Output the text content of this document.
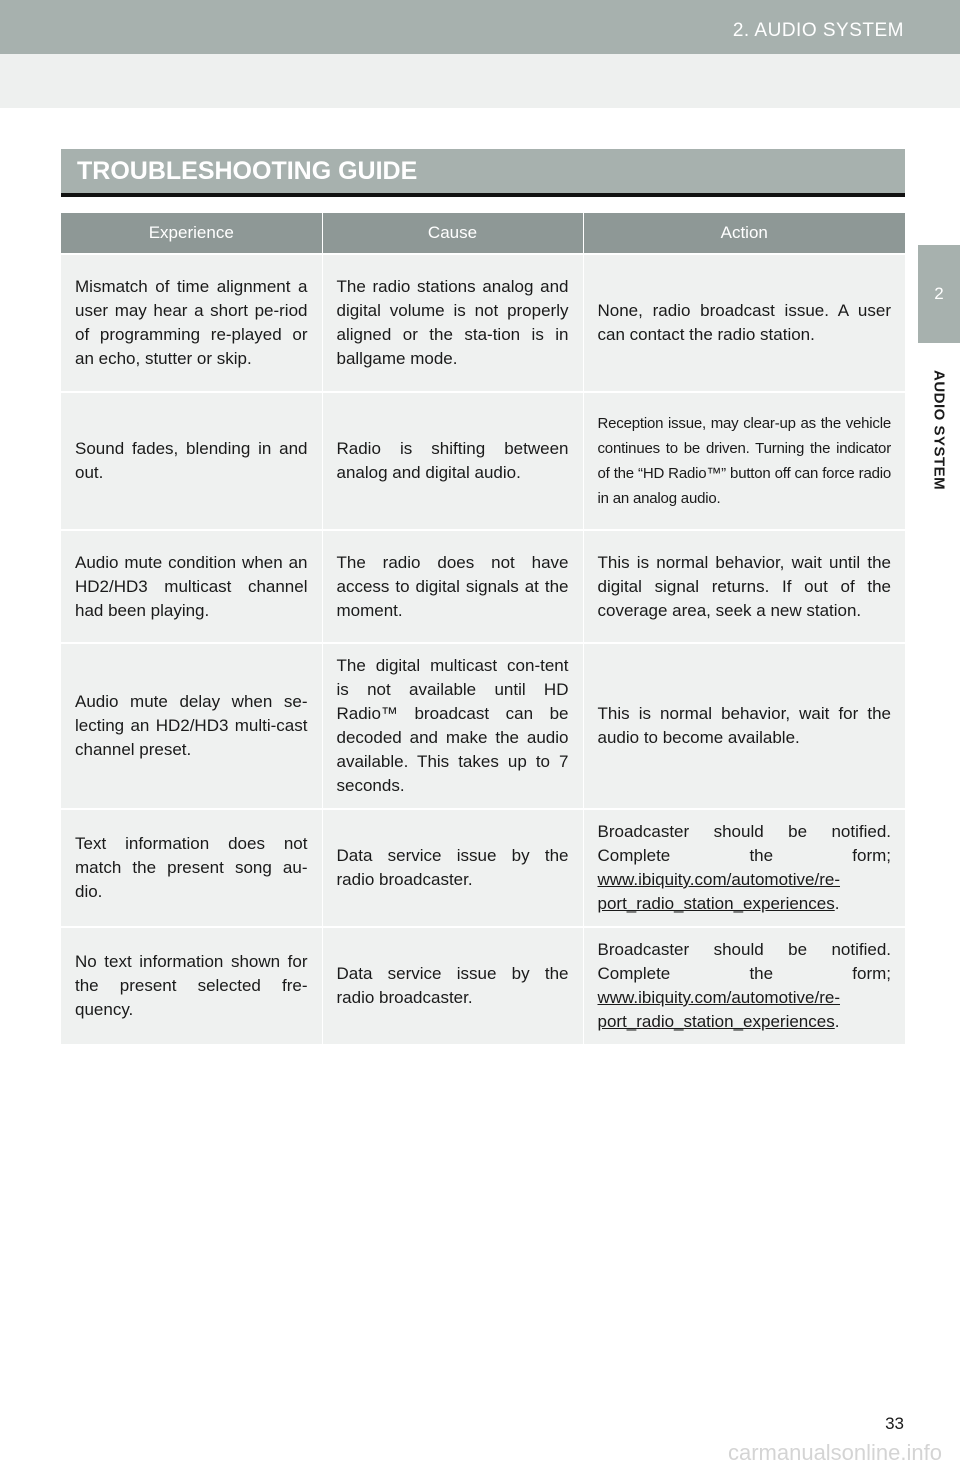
2. AUDIO SYSTEM
2
AUDIO SYSTEM
TROUBLESHOOTING GUIDE
Experience	Cause	Action
Mismatch of time alignment a user may hear a short pe-riod of programming re-played or an echo, stutter or skip.	The radio stations analog and digital volume is not properly aligned or the sta-tion is in ballgame mode.	None, radio broadcast issue. A user can contact the radio station.
Sound fades, blending in and out.	Radio is shifting between analog and digital audio.	Reception issue, may clear-up as the vehicle continues to be driven. Turning the indicator of the “HD Radio™” button off can force radio in an analog audio.
Audio mute condition when an HD2/HD3 multicast channel had been playing.	The radio does not have access to digital signals at the moment.	This is normal behavior, wait until the digital signal returns. If out of the coverage area, seek a new station.
Audio mute delay when se-lecting an HD2/HD3 multi-cast channel preset.	The digital multicast con-tent is not available until HD Radio™ broadcast can be decoded and make the audio available. This takes up to 7 seconds.	This is normal behavior, wait for the audio to become available.
Text information does not match the present song au-dio.	Data service issue by the radio broadcaster.	Broadcaster should be notified. Complete the form; www.ibiquity.com/automotive/re-port_radio_station_experiences.
No text information shown for the present selected fre-quency.	Data service issue by the radio broadcaster.	Broadcaster should be notified. Complete the form; www.ibiquity.com/automotive/re-port_radio_station_experiences.
33
carmanualsonline.info
